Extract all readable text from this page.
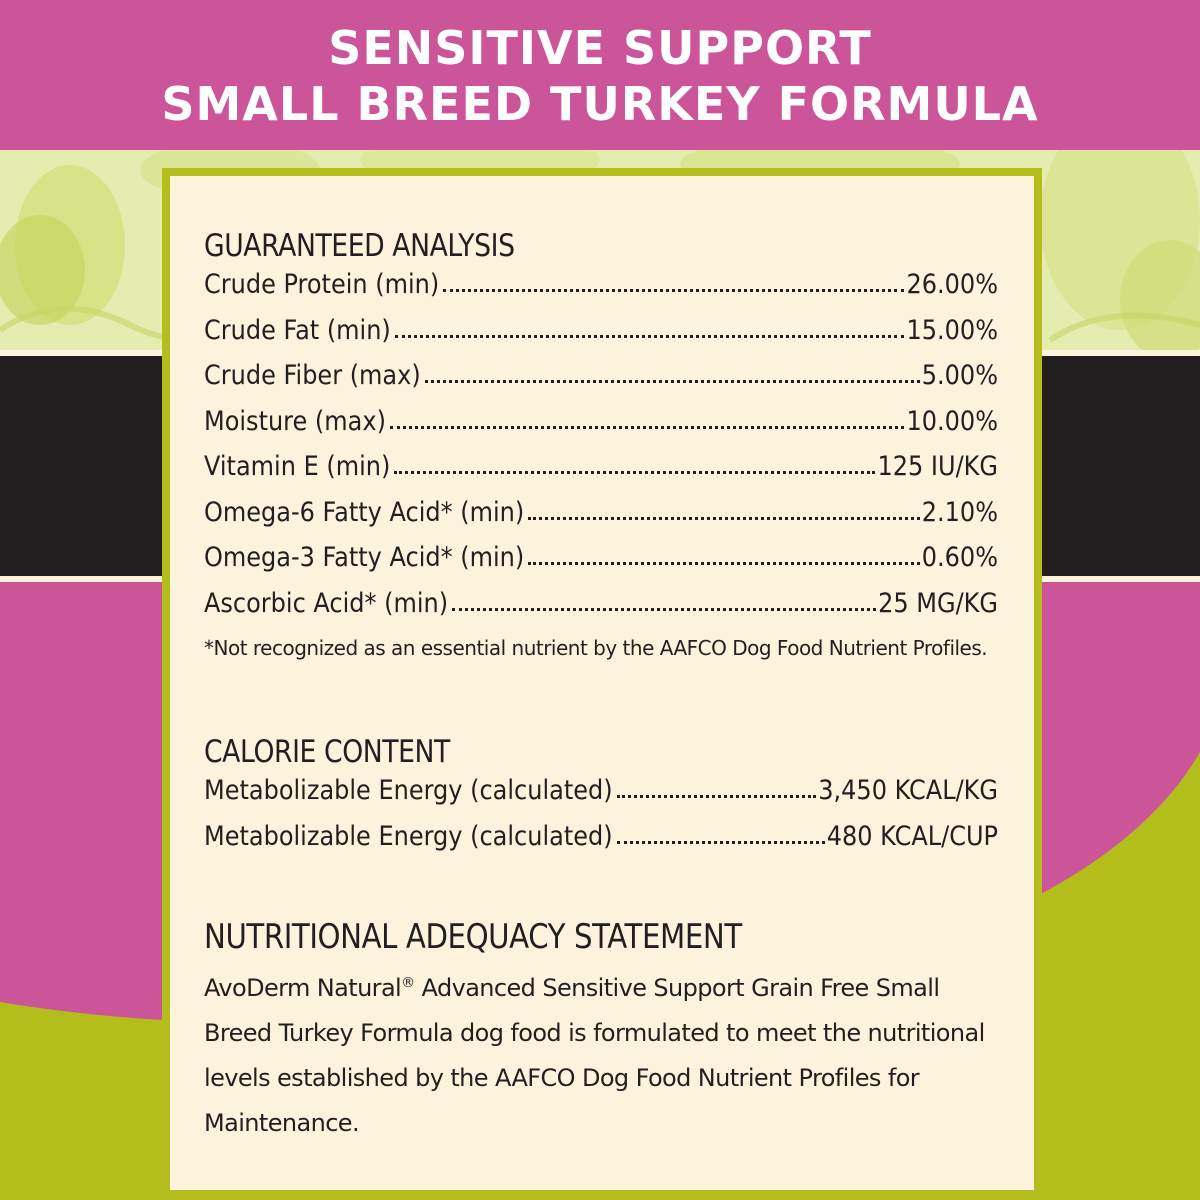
SENSITIVE SUPPORT
SMALL BREED TURKEY FORMULA
GUARANTEED ANALYSIS
Crude Protein (min)	26.00%
Crude Fat (min)	15.00%
Crude Fiber (max)	5.00%
Moisture (max)	10.00%
Vitamin E (min)	125 IU/KG
Omega-6 Fatty Acid* (min)	2.10%
Omega-3 Fatty Acid* (min)	0.60%
Ascorbic Acid* (min)	25 MG/KG
*Not recognized as an essential nutrient by the AAFCO Dog Food Nutrient Profiles.
CALORIE CONTENT
Metabolizable Energy (calculated)	3,450 KCAL/KG
Metabolizable Energy (calculated)	480 KCAL/CUP
NUTRITIONAL ADEQUACY STATEMENT

AvoDerm Natural® Advanced Sensitive Support Grain Free Small Breed Turkey Formula dog food is formulated to meet the nutritional levels established by the AAFCO Dog Food Nutrient Profiles for Maintenance.
